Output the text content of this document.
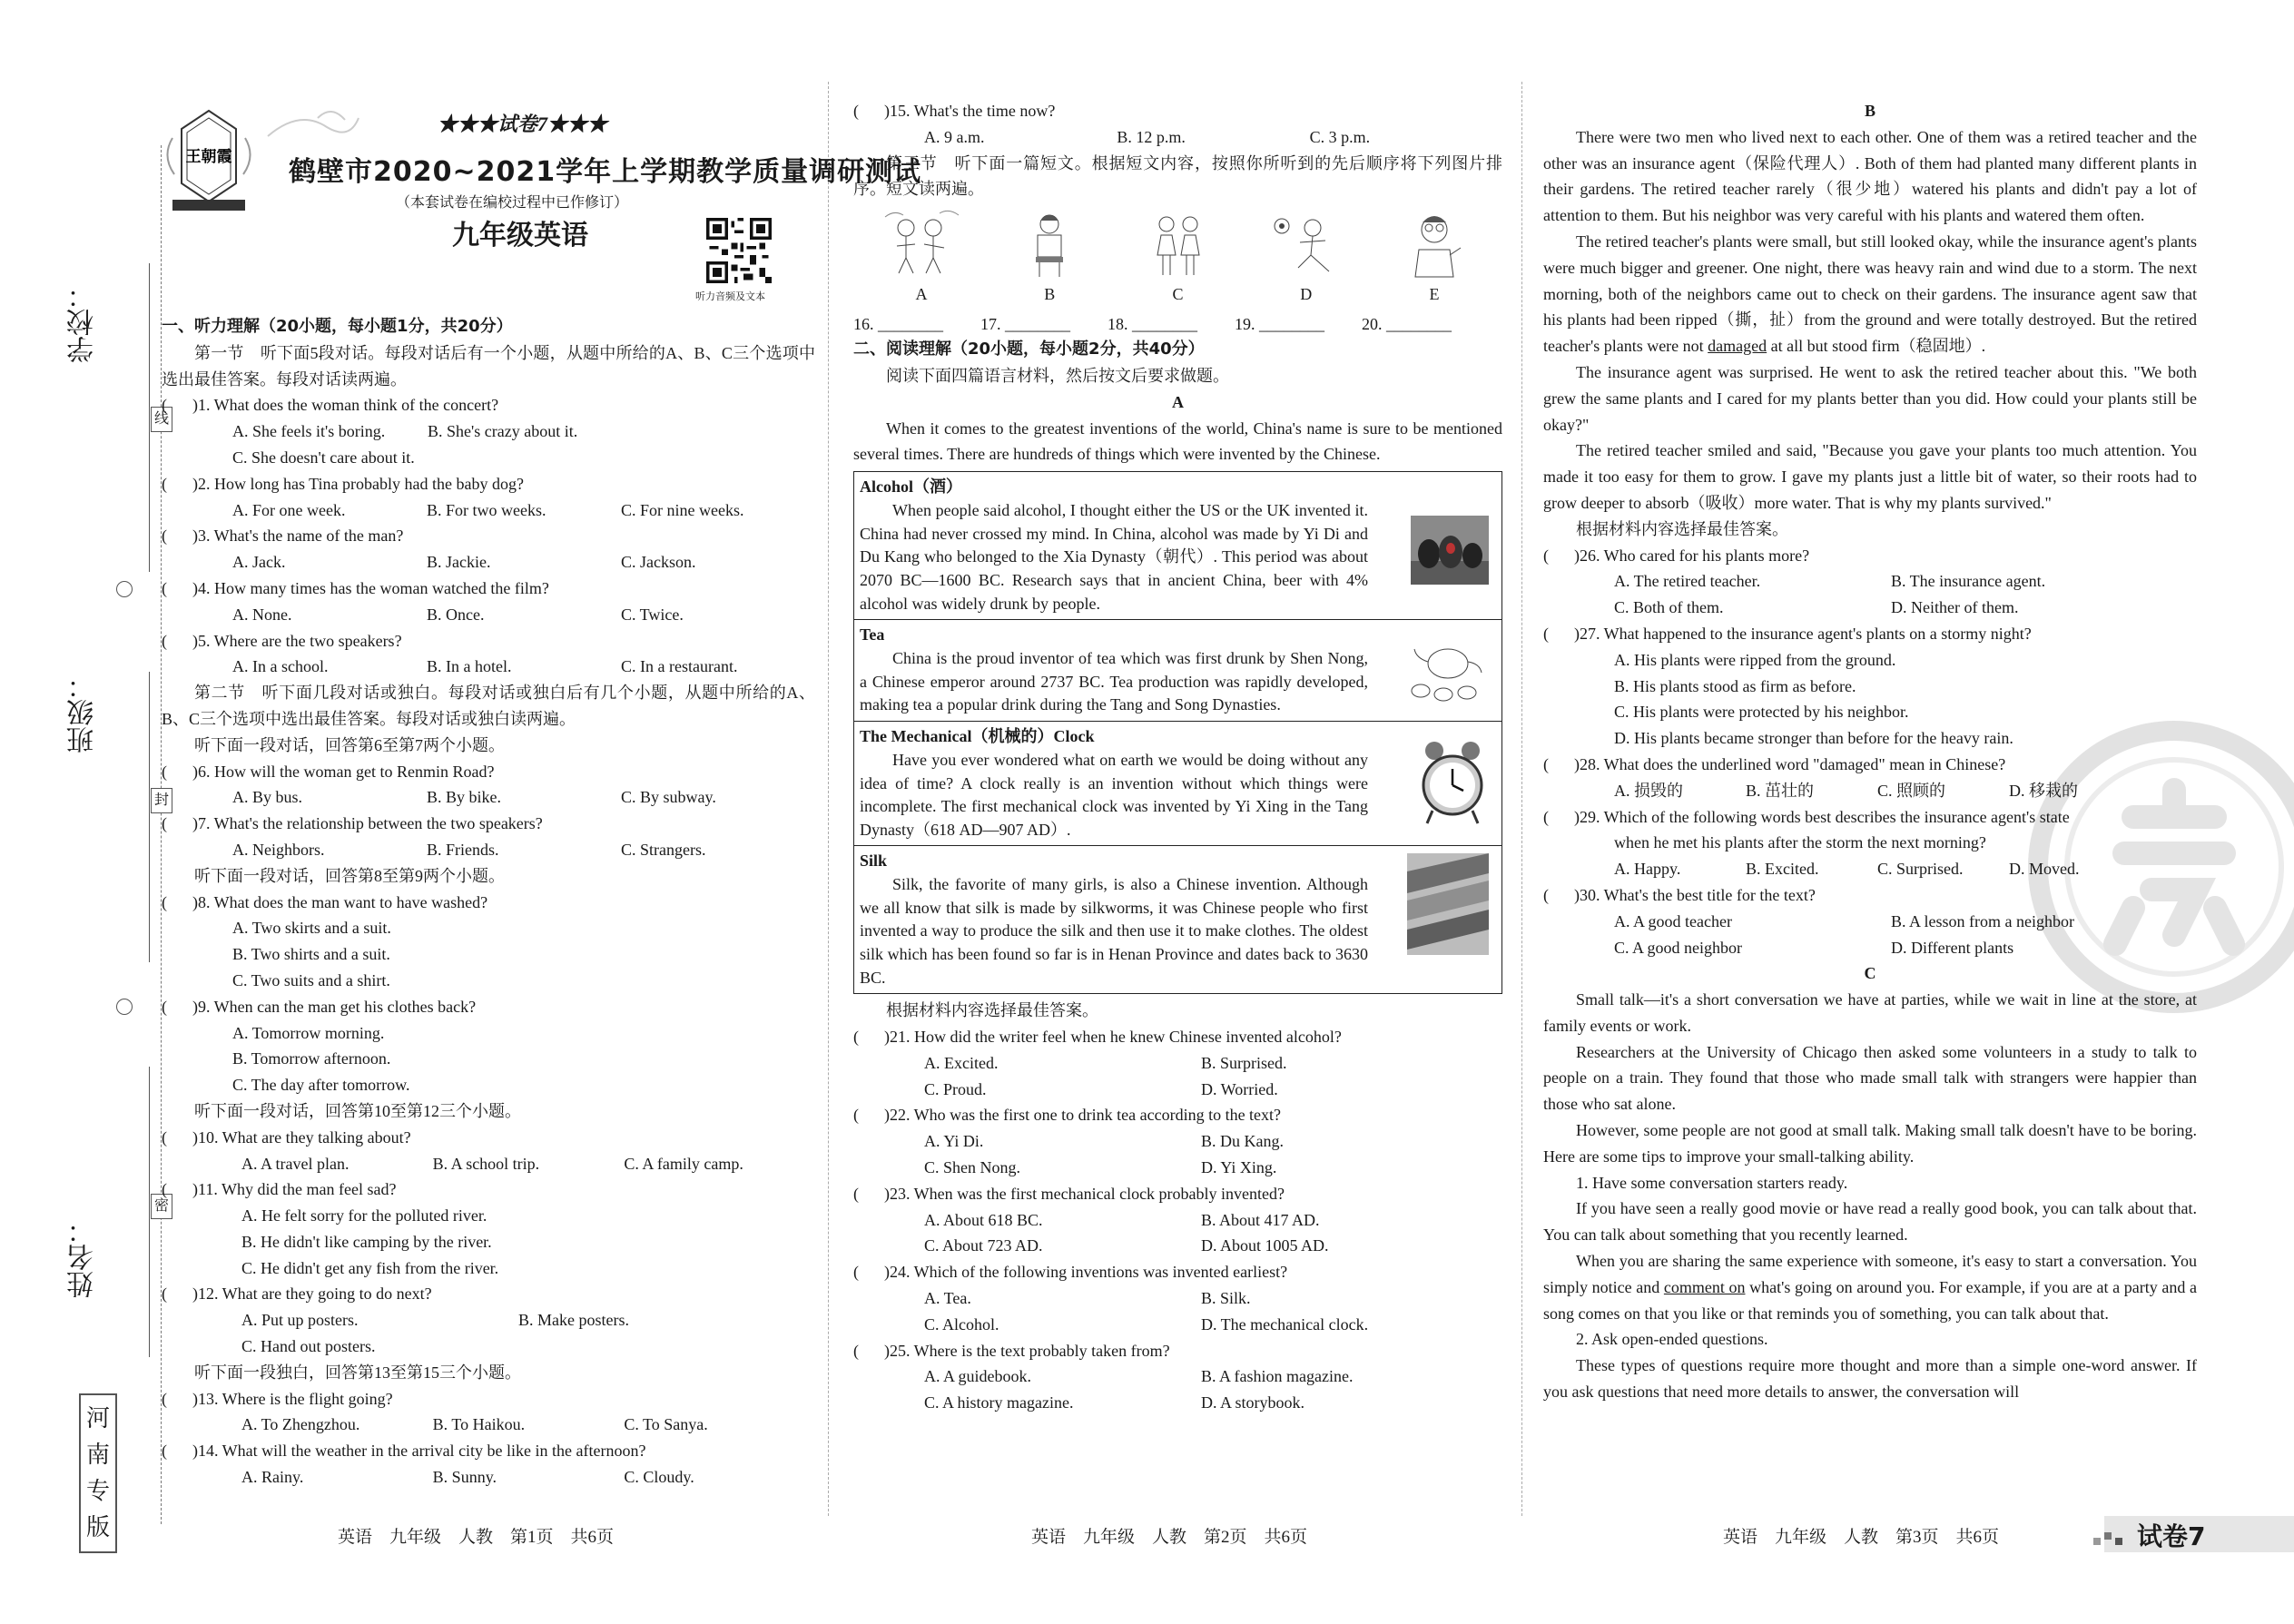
学校：
班级：
姓名：
线
封
密
河南专版
王朝霞
★★★试卷7★★★
鹤壁市2020~2021学年上学期教学质量调研测试
（本套试卷在编校过程中已作修订）
九年级英语
听力音频及文本
一、听力理解（20小题，每小题1分，共20分）
第一节　听下面5段对话。每段对话后有一个小题，从题中所给的A、B、C三个选项中选出最佳答案。每段对话读两遍。
(	)1. What does the woman think of the concert?
A. She feels it's boring.	B. She's crazy about it.
C. She doesn't care about it.
(	)2. How long has Tina probably had the baby dog?
A. For one week.	B. For two weeks.	C. For nine weeks.
(	)3. What's the name of the man?
A. Jack.	B. Jackie.	C. Jackson.
(	)4. How many times has the woman watched the film?
A. None.	B. Once.	C. Twice.
(	)5. Where are the two speakers?
A. In a school.	B. In a hotel.	C. In a restaurant.
第二节　听下面几段对话或独白。每段对话或独白后有几个小题，从题中所给的A、B、C三个选项中选出最佳答案。每段对话或独白读两遍。
听下面一段对话，回答第6至第7两个小题。
(	)6. How will the woman get to Renmin Road?
A. By bus.	B. By bike.	C. By subway.
(	)7. What's the relationship between the two speakers?
A. Neighbors.	B. Friends.	C. Strangers.
听下面一段对话，回答第8至第9两个小题。
(	)8. What does the man want to have washed?
A. Two skirts and a suit.
B. Two shirts and a suit.
C. Two suits and a shirt.
(	)9. When can the man get his clothes back?
A. Tomorrow morning.
B. Tomorrow afternoon.
C. The day after tomorrow.
听下面一段对话，回答第10至第12三个小题。
(	)10. What are they talking about?
A. A travel plan.	B. A school trip.	C. A family camp.
(	)11. Why did the man feel sad?
A. He felt sorry for the polluted river.
B. He didn't like camping by the river.
C. He didn't get any fish from the river.
(	)12. What are they going to do next?
A. Put up posters.	B. Make posters.
C. Hand out posters.
听下面一段独白，回答第13至第15三个小题。
(	)13. Where is the flight going?
A. To Zhengzhou.	B. To Haikou.	C. To Sanya.
(	)14. What will the weather in the arrival city be like in the afternoon?
A. Rainy.	B. Sunny.	C. Cloudy.
(	)15. What's the time now?
A. 9 a.m.	B. 12 p.m.	C. 3 p.m.
第三节　听下面一篇短文。根据短文内容，按照你所听到的先后顺序将下列图片排序。短文读两遍。
A	B	C	D	E
16. ________	17. ________	18. ________	19. ________	20. ________
二、阅读理解（20小题，每小题2分，共40分）
阅读下面四篇语言材料，然后按文后要求做题。
A
When it comes to the greatest inventions of the world, China's name is sure to be mentioned several times. There are hundreds of things which were invented by the Chinese.
Alcohol（酒）
When people said alcohol, I thought either the US or the UK invented it. China had never crossed my mind. In China, alcohol was made by Yi Di and Du Kang who belonged to the Xia Dynasty（朝代）. This period was about 2070 BC—1600 BC. Research says that in ancient China, beer with 4% alcohol was widely drunk by people.
Tea
China is the proud inventor of tea which was first drunk by Shen Nong, a Chinese emperor around 2737 BC. Tea production was rapidly developed, making tea a popular drink during the Tang and Song Dynasties.
The Mechanical（机械的）Clock
Have you ever wondered what on earth we would be doing without any idea of time? A clock really is an invention without which things were incomplete. The first mechanical clock was invented by Yi Xing in the Tang Dynasty（618 AD—907 AD）.
Silk
Silk, the favorite of many girls, is also a Chinese invention. Although we all know that silk is made by silkworms, it was Chinese people who first invented a way to produce the silk and then use it to make clothes. The oldest silk which has been found so far is in Henan Province and dates back to 3630 BC.
根据材料内容选择最佳答案。
(	)21. How did the writer feel when he knew Chinese invented alcohol?
A. Excited.	B. Surprised.
C. Proud.	D. Worried.
(	)22. Who was the first one to drink tea according to the text?
A. Yi Di.	B. Du Kang.
C. Shen Nong.	D. Yi Xing.
(	)23. When was the first mechanical clock probably invented?
A. About 618 BC.	B. About 417 AD.
C. About 723 AD.	D. About 1005 AD.
(	)24. Which of the following inventions was invented earliest?
A. Tea.	B. Silk.
C. Alcohol.	D. The mechanical clock.
(	)25. Where is the text probably taken from?
A. A guidebook.	B. A fashion magazine.
C. A history magazine.	D. A storybook.
B
There were two men who lived next to each other. One of them was a retired teacher and the other was an insurance agent（保险代理人）. Both of them had planted many different plants in their gardens. The retired teacher rarely（很少地）watered his plants and didn't pay a lot of attention to them. But his neighbor was very careful with his plants and watered them often.
The retired teacher's plants were small, but still looked okay, while the insurance agent's plants were much bigger and greener. One night, there was heavy rain and wind due to a storm. The next morning, both of the neighbors came out to check on their gardens. The insurance agent saw that his plants had been ripped（撕，扯）from the ground and were totally destroyed. But the retired teacher's plants were not damaged at all but stood firm（稳固地）.
The insurance agent was surprised. He went to ask the retired teacher about this. "We both grew the same plants and I cared for my plants better than you did. How could your plants still be okay?"
The retired teacher smiled and said, "Because you gave your plants too much attention. You made it too easy for them to grow. I gave my plants just a little bit of water, so their roots had to grow deeper to absorb（吸收）more water. That is why my plants survived."
根据材料内容选择最佳答案。
(	)26. Who cared for his plants more?
A. The retired teacher.	B. The insurance agent.
C. Both of them.	D. Neither of them.
(	)27. What happened to the insurance agent's plants on a stormy night?
A. His plants were ripped from the ground.
B. His plants stood as firm as before.
C. His plants were protected by his neighbor.
D. His plants became stronger than before for the heavy rain.
(	)28. What does the underlined word "damaged" mean in Chinese?
A. 损毁的	B. 茁壮的	C. 照顾的	D. 移栽的
(	)29. Which of the following words best describes the insurance agent's state
when he met his plants after the storm the next morning?
A. Happy.	B. Excited.	C. Surprised.	D. Moved.
(	)30. What's the best title for the text?
A. A good teacher	B. A lesson from a neighbor
C. A good neighbor	D. Different plants
C
Small talk—it's a short conversation we have at parties, while we wait in line at the store, at family events or work.
Researchers at the University of Chicago then asked some volunteers in a study to talk to people on a train. They found that those who made small talk with strangers were happier than those who sat alone.
However, some people are not good at small talk. Making small talk doesn't have to be boring. Here are some tips to improve your small-talking ability.
1. Have some conversation starters ready.
If you have seen a really good movie or have read a really good book, you can talk about that. You can talk about something that you recently learned.
When you are sharing the same experience with someone, it's easy to start a conversation. You simply notice and comment on what's going on around you. For example, if you are at a party and a song comes on that you like or that reminds you of something, you can talk about that.
2. Ask open-ended questions.
These types of questions require more thought and more than a simple one-word answer. If you ask questions that need more details to answer, the conversation will
英语　九年级　人教　第1页　共6页	英语　九年级　人教　第2页　共6页	英语　九年级　人教　第3页　共6页	试卷7
